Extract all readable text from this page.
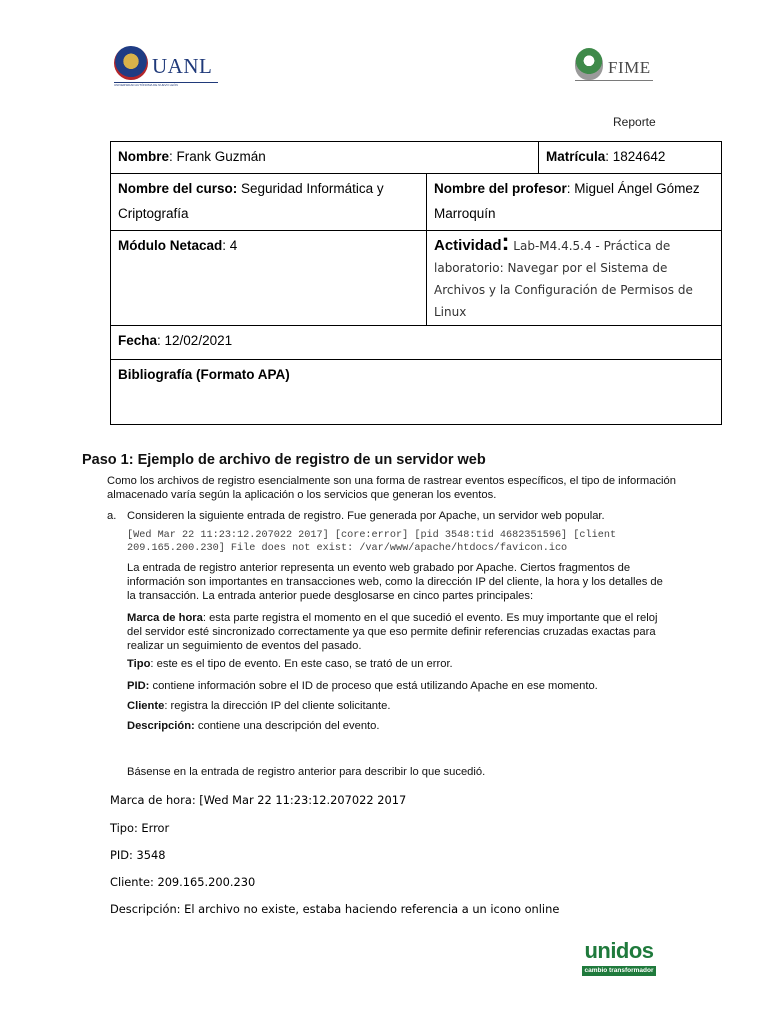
UANL
UNIVERSIDAD AUTÓNOMA DE NUEVO LEÓN
FIME
Reporte
Nombre: Frank Guzmán	Matrícula: 1824642
Nombre del curso: Seguridad Informática y Criptografía
Nombre del profesor: Miguel Ángel Gómez Marroquín
Módulo Netacad: 4	Actividad: Lab-M4.4.5.4 - Práctica de laboratorio: Navegar por el Sistema de Archivos y la Configuración de Permisos de Linux
Fecha: 12/02/2021
Bibliografía (Formato APA)
Paso 1: Ejemplo de archivo de registro de un servidor web
Como los archivos de registro esencialmente son una forma de rastrear eventos específicos, el tipo de información almacenado varía según la aplicación o los servicios que generan los eventos.
a. Consideren la siguiente entrada de registro. Fue generada por Apache, un servidor web popular.
[Wed Mar 22 11:23:12.207022 2017] [core:error] [pid 3548:tid 4682351596] [client
209.165.200.230] File does not exist: /var/www/apache/htdocs/favicon.ico
La entrada de registro anterior representa un evento web grabado por Apache. Ciertos fragmentos de información son importantes en transacciones web, como la dirección IP del cliente, la hora y los detalles de la transacción. La entrada anterior puede desglosarse en cinco partes principales:
Marca de hora: esta parte registra el momento en el que sucedió el evento. Es muy importante que el reloj del servidor esté sincronizado correctamente ya que eso permite definir referencias cruzadas exactas para realizar un seguimiento de eventos del pasado.
Tipo: este es el tipo de evento. En este caso, se trató de un error.
PID: contiene información sobre el ID de proceso que está utilizando Apache en ese momento.
Cliente: registra la dirección IP del cliente solicitante.
Descripción: contiene una descripción del evento.
Básense en la entrada de registro anterior para describir lo que sucedió.
Marca de hora: [Wed Mar 22 11:23:12.207022 2017
Tipo: Error
PID: 3548
Cliente: 209.165.200.230
Descripción: El archivo no existe, estaba haciendo referencia a un icono online
unidos
cambio transformador
